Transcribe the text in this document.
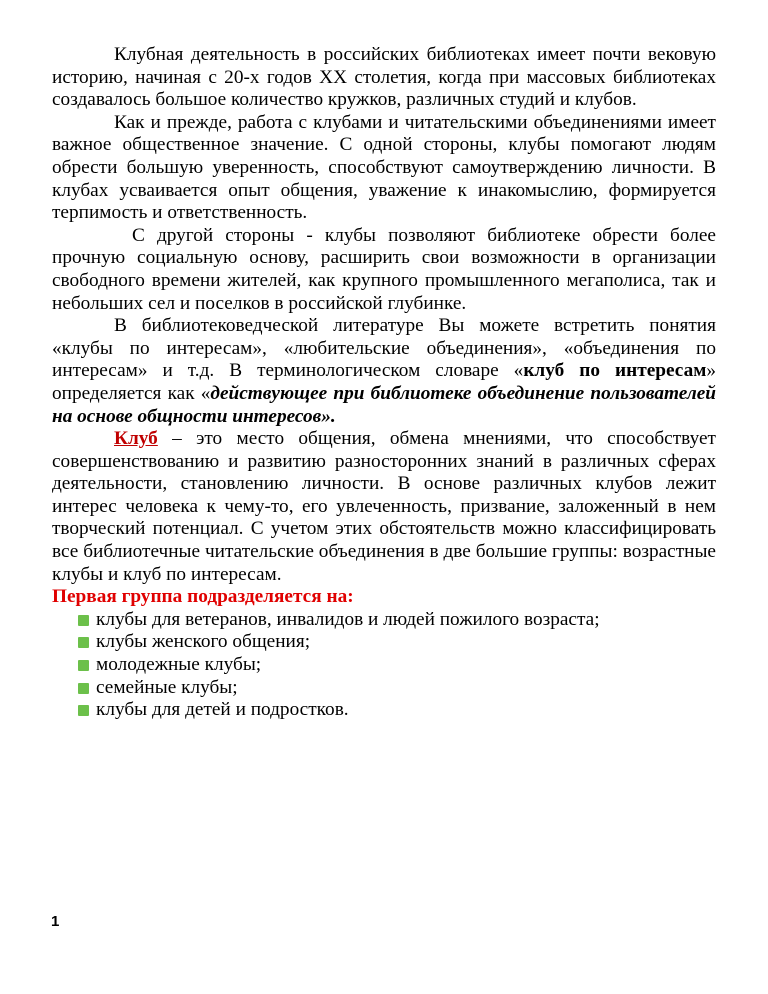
Клубная деятельность в российских библиотеках имеет почти вековую историю, начиная с 20-х годов XX столетия, когда при массовых библиотеках создавалось большое количество кружков, различных студий и клубов.

Как и прежде, работа с клубами и читательскими объединениями имеет важное общественное значение. С одной стороны, клубы помогают людям обрести большую уверенность, способствуют самоутверждению личности. В клубах усваивается опыт общения, уважение к инакомыслию, формируется терпимость и ответственность.

С другой стороны - клубы позволяют библиотеке обрести более прочную социальную основу, расширить свои возможности в организации свободного времени жителей, как крупного промышленного мегаполиса, так и небольших сел и поселков в российской глубинке.

В библиотековедческой литературе Вы можете встретить понятия «клубы по интересам», «любительские объединения», «объединения по интересам» и т.д. В терминологическом словаре «клуб по интересам» определяется как «действующее при библиотеке объединение пользователей на основе общности интересов».

Клуб – это место общения, обмена мнениями, что способствует совершенствованию и развитию разносторонних знаний в различных сферах деятельности, становлению личности. В основе различных клубов лежит интерес человека к чему-то, его увлеченность, призвание, заложенный в нем творческий потенциал. С учетом этих обстоятельств можно классифицировать все библиотечные читательские объединения в две большие группы: возрастные клубы и клуб по интересам.

Первая группа подразделяется на:

клубы для ветеранов, инвалидов и людей пожилого возраста;
клубы женского общения;
молодежные клубы;
семейные клубы;
клубы для детей и подростков.
1
